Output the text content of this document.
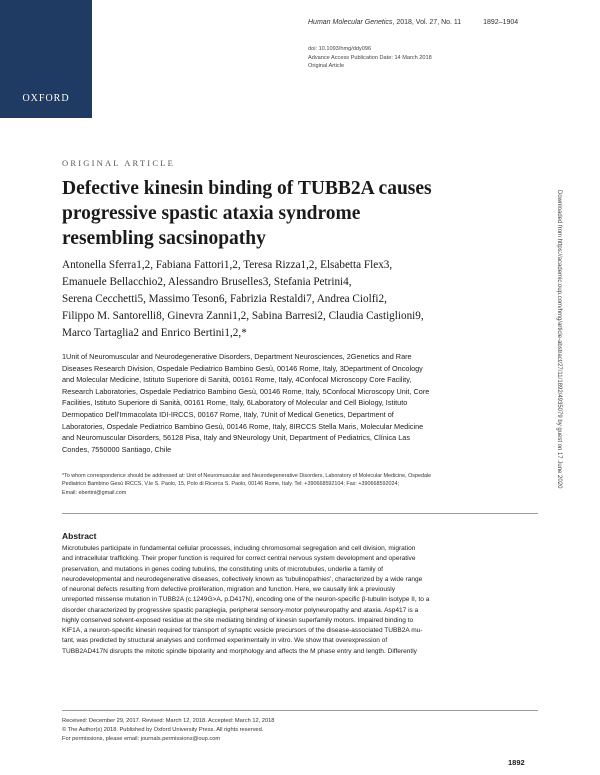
OXFORD
Human Molecular Genetics, 2018, Vol. 27, No. 11	1892–1904
doi: 10.1093/hmg/ddy096
Advance Access Publication Date: 14 March 2018
Original Article
ORIGINAL ARTICLE
Defective kinesin binding of TUBB2A causes
progressive spastic ataxia syndrome
resembling sacsinopathy
Antonella Sferra1,2, Fabiana Fattori1,2, Teresa Rizza1,2, Elsabetta Flex3,
Emanuele Bellacchio2, Alessandro Bruselles3, Stefania Petrini4,
Serena Cecchetti5, Massimo Teson6, Fabrizia Restaldi7, Andrea Ciolfi2,
Filippo M. Santorelli8, Ginevra Zanni1,2, Sabina Barresi2, Claudia Castiglioni9,
Marco Tartaglia2 and Enrico Bertini1,2,*
1Unit of Neuromuscular and Neurodegenerative Disorders, Department Neurosciences, 2Genetics and Rare
Diseases Research Division, Ospedale Pediatrico Bambino Gesù, 00146 Rome, Italy, 3Department of Oncology
and Molecular Medicine, Istituto Superiore di Sanità, 00161 Rome, Italy, 4Confocal Microscopy Core Facility,
Research Laboratories, Ospedale Pediatrico Bambino Gesù, 00146 Rome, Italy, 5Confocal Microscopy Unit, Core
Facilities, Istituto Superiore di Sanità, 00161 Rome, Italy, 6Laboratory of Molecular and Cell Biology, Istituto
Dermopatico Dell'Immacolata IDI-IRCCS, 00167 Rome, Italy, 7Unit of Medical Genetics, Department of
Laboratories, Ospedale Pediatrico Bambino Gesù, 00146 Rome, Italy, 8IRCCS Stella Maris, Molecular Medicine
and Neuromuscular Disorders, 56128 Pisa, Italy and 9Neurology Unit, Department of Pediatrics, Clínica Las
Condes, 7550000 Santiago, Chile
*To whom correspondence should be addressed at: Unit of Neuromuscular and Neurodegenerative Disorders, Laboratory of Molecular Medicine, Ospedale
Pediatrico Bambino Gesù IRCCS, V.le S. Paolo, 15, Polo di Ricerca S. Paolo, 00146 Rome, Italy. Tel: +390668592104; Fax: +390668592024;
Email: ebertini@gmail.com
Abstract
Microtubules participate in fundamental cellular processes, including chromosomal segregation and cell division, migration
and intracellular trafficking. Their proper function is required for correct central nervous system development and operative
preservation, and mutations in genes coding tubulins, the constituting units of microtubules, underlie a family of
neurodevelopmental and neurodegenerative diseases, collectively known as 'tubulinopathies', characterized by a wide range
of neuronal defects resulting from defective proliferation, migration and function. Here, we causally link a previously
unreported missense mutation in TUBB2A (c.1249G>A, p.D417N), encoding one of the neuron-specific β-tubulin isotype II, to a
disorder characterized by progressive spastic paraplegia, peripheral sensory-motor polyneuropathy and ataxia. Asp417 is a
highly conserved solvent-exposed residue at the site mediating binding of kinesin superfamily motors. Impaired binding to
KIF1A, a neuron-specific kinesin required for transport of synaptic vesicle precursors of the disease-associated TUBB2A mu-
tant, was predicted by structural analyses and confirmed experimentally in vitro. We show that overexpression of
TUBB2AD417N disrupts the mitotic spindle bipolarity and morphology and affects the M phase entry and length. Differently
Received: December 29, 2017. Revised: March 12, 2018. Accepted: March 12, 2018
© The Author(s) 2018. Published by Oxford University Press. All rights reserved.
For permissions, please email: journals.permissions@oup.com
1892
Downloaded from https://academic.oup.com/hmg/article-abstract/27/11/1892/4935079 by guest on 17 June 2020
